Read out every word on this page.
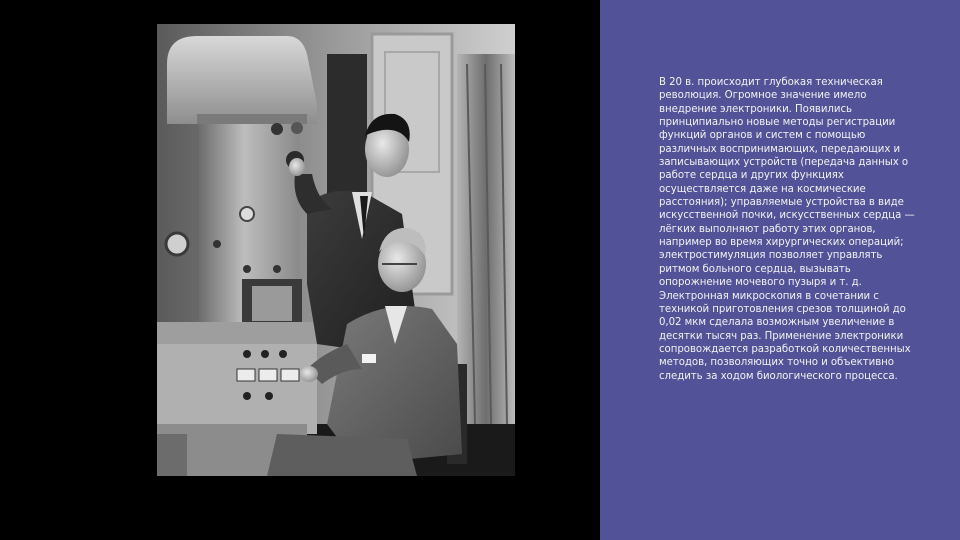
В 20 в. происходит глубокая техническая революция. Огромное значение имело внедрение электроники. Появились принципиально новые методы регистрации функций органов и систем с помощью различных воспринимающих, передающих и записывающих устройств (передача данных о работе сердца и других функциях осуществляется даже на космические расстояния); управляемые устройства в виде искусственной почки, искусственных сердца — лёгких выполняют работу этих органов, например во время хирургических операций; электростимуляция позволяет управлять ритмом больного сердца, вызывать опорожнение мочевого пузыря и т. д. Электронная микроскопия в сочетании с техникой приготовления срезов толщиной до 0,02 мкм сделала возможным увеличение в десятки тысяч раз. Применение электроники сопровождается разработкой количественных методов, позволяющих точно и объективно следить за ходом биологического процесса.
